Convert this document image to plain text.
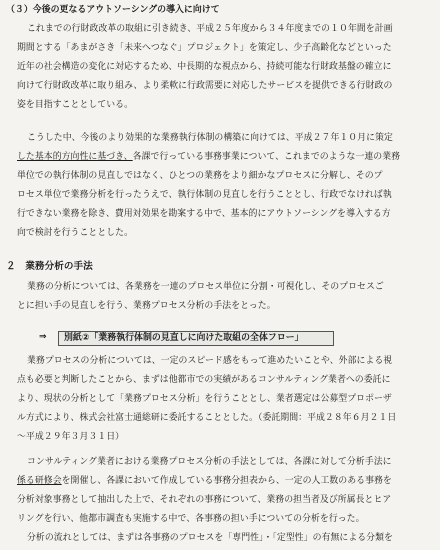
（３）今後の更なるアウトソーシングの導入に向けて
これまでの行財政改革の取組に引き続き、平成２５年度から３４年度までの１０年間を計画
期間とする「あまがさき「未来へつなぐ」プロジェクト」を策定し、少子高齢化などといった
近年の社会構造の変化に対応するため、中長期的な視点から、持続可能な行財政基盤の確立に
向けて行財政改革に取り組み、より柔軟に行政需要に対応したサービスを提供できる行財政の
姿を目指すこととしている。
こうした中、今後のより効果的な業務執行体制の構築に向けては、平成２７年１０月に策定
した基本的方向性に基づき、各課で行っている事務事業について、これまでのような一連の業務
単位での執行体制の見直しではなく、ひとつの業務をより細かなプロセスに分解し、そのプ
ロセス単位で業務分析を行ったうえで、執行体制の見直しを行うこととし、行政でなければ執
行できない業務を除き、費用対効果を勘案する中で、基本的にアウトソーシングを導入する方
向で検討を行うこととした。
２　業務分析の手法
業務の分析については、各業務を一連のプロセス単位に分割・可視化し、そのプロセスご
とに担い手の見直しを行う、業務プロセス分析の手法をとった。
⇒ 別紙②「業務執行体制の見直しに向けた取組の全体フロー」
業務プロセスの分析については、一定のスピード感をもって進めたいことや、外部による視
点も必要と判断したことから、まずは他都市での実績があるコンサルティング業者への委託に
より、現状の分析として「業務プロセス分析」を行うこととし、業者選定は公募型プロポーザ
ル方式により、株式会社富士通総研に委託することとした。（委託期間：平成２８年６月２１日
〜平成２９年３月３１日）
コンサルティング業者における業務プロセス分析の手法としては、各課に対して分析手法に
係る研修会を開催し、各課において作成している事務分担表から、一定の人工数のある事務を
分析対象事務として抽出した上で、それぞれの事務について、業務の担当者及び所属長とヒア
リングを行い、他都市調査も実施する中で、各事務の担い手についての分析を行った。
分析の流れとしては、まずは各事務のプロセスを「専門性」・「定型性」の有無による分類を
